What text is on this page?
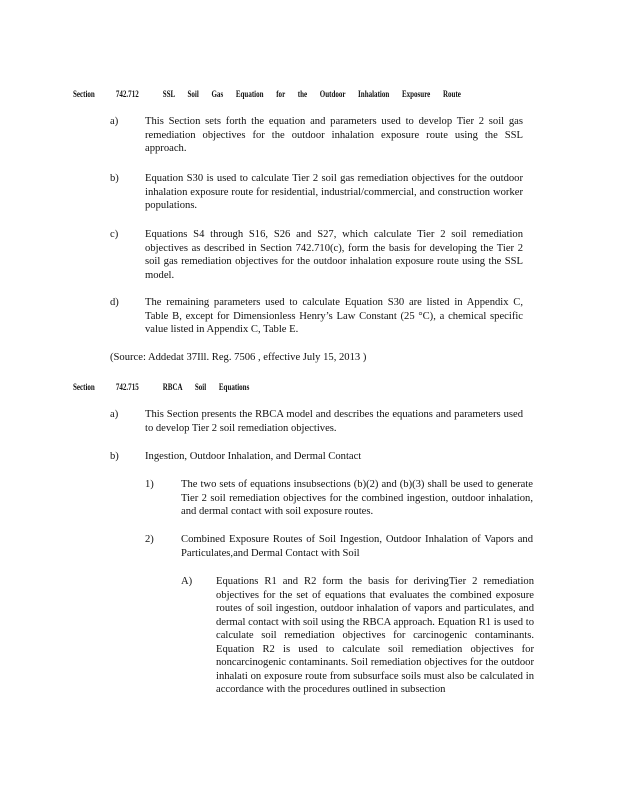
Section	742.712	SSL Soil Gas Equation for the Outdoor Inhalation Exposure Route
a)	This Section sets forth the equation and parameters used to develop Tier 2 soil gas remediation objectives for the outdoor inhalation exposure route using the SSL approach.
b) Equation S30 is used to calculate Tier 2 soil gas remediation objectives for the outdoor inhalation exposure route for residential, industrial/commercial, and construction worker populations.
c)	Equations S4 through S16, S26 and S27, which calculate Tier 2 soil remediation objectives as described in Section 742.710(c), form the basis for developing the Tier 2 soil gas remediation objectives for the outdoor inhalation exposure route using the SSL model.
d) The remaining parameters used to calculate Equation S30 are listed in Appendix C, Table B, except for Dimensionless Henry’s Law Constant (25 °C), a chemical specific value listed in Appendix C, Table E.
(Source: Addedat 37Ill. Reg. 7506 , effective July 15, 2013 )
Section	742.715	RBCA Soil Equations
a)	This Section presents the RBCA model and describes the equations and parameters used to develop Tier 2 soil remediation objectives.
b) Ingestion, Outdoor Inhalation, and Dermal Contact
1)	The two sets of equations insubsections (b)(2) and (b)(3) shall be used to generate Tier 2 soil remediation objectives for the combined ingestion, outdoor inhalation, and dermal contact with soil exposure routes.
2)	Combined Exposure Routes of Soil Ingestion, Outdoor Inhalation of Vapors and Particulates,and Dermal Contact with Soil
A) Equations R1 and R2 form the basis for derivingTier 2 remediation objectives for the set of equations that evaluates the combined exposure routes of soil ingestion, outdoor inhalation of vapors and particulates, and dermal contact with soil using the RBCA approach. Equation R1 is used to calculate soil remediation objectives for carcinogenic contaminants. Equation R2 is used to calculate soil remediation objectives for noncarcinogenic contaminants. Soil remediation objectives for the outdoor inhalati on exposure route from subsurface soils must also be calculated in accordance with the procedures outlined in subsection
